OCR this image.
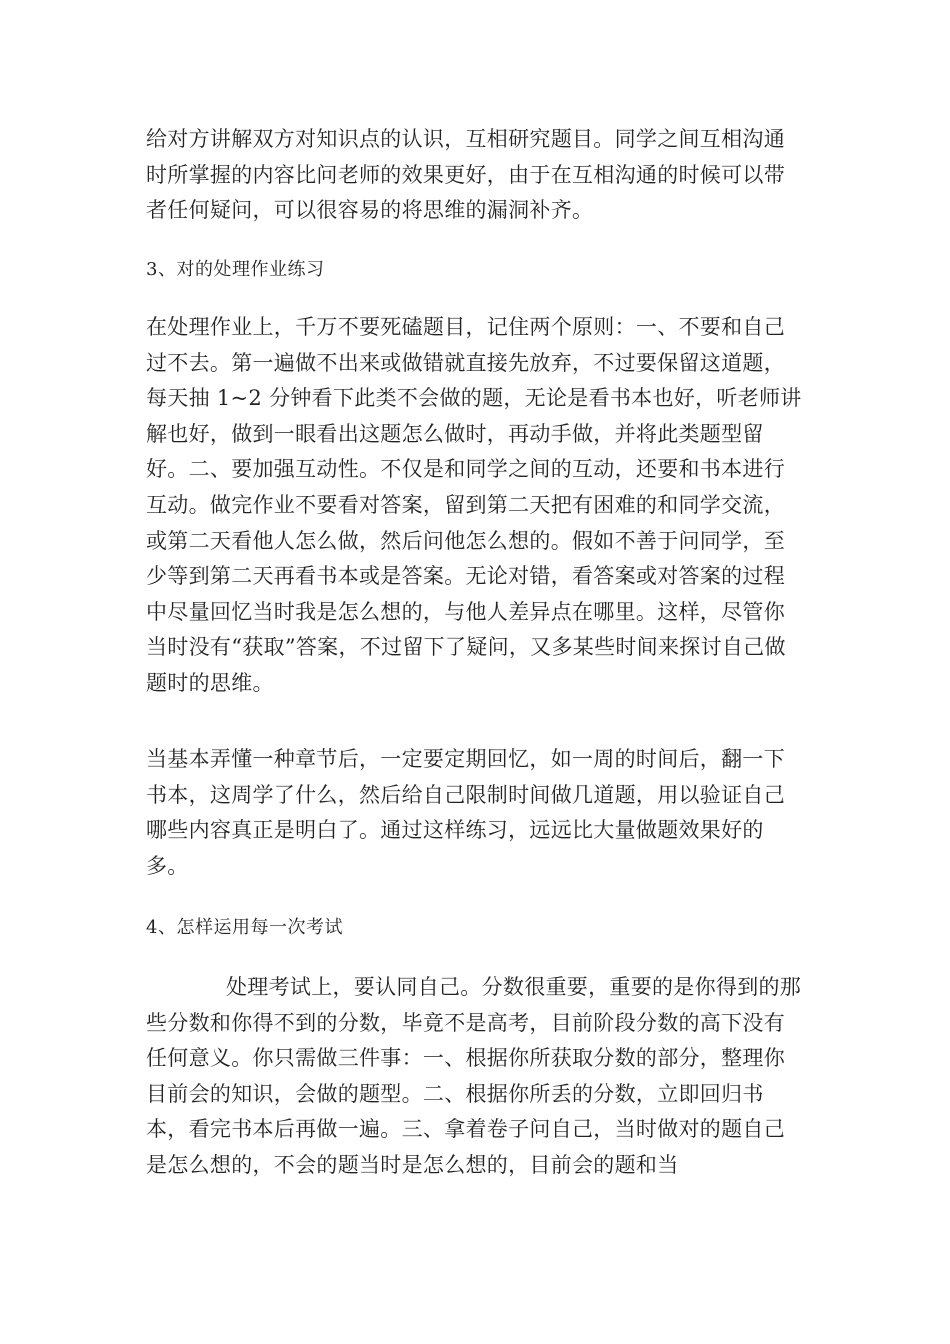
给对方讲解双方对知识点的认识，互相研究题目。同学之间互相沟通时所掌握的内容比问老师的效果更好，由于在互相沟通的时候可以带者任何疑问，可以很容易的将思维的漏洞补齐。

3、对的处理作业练习

在处理作业上，千万不要死磕题目，记住两个原则：一、不要和自己过不去。第一遍做不出来或做错就直接先放弃，不过要保留这道题，每天抽 1~2 分钟看下此类不会做的题，无论是看书本也好，听老师讲解也好，做到一眼看出这题怎么做时，再动手做，并将此类题型留好。二、要加强互动性。不仅是和同学之间的互动，还要和书本进行互动。做完作业不要看对答案，留到第二天把有困难的和同学交流，或第二天看他人怎么做，然后问他怎么想的。假如不善于问同学，至少等到第二天再看书本或是答案。无论对错，看答案或对答案的过程中尽量回忆当时我是怎么想的，与他人差异点在哪里。这样，尽管你当时没有“获取”答案，不过留下了疑问，又多某些时间来探讨自己做题时的思维。

当基本弄懂一种章节后，一定要定期回忆，如一周的时间后，翻一下书本，这周学了什么，然后给自己限制时间做几道题，用以验证自己哪些内容真正是明白了。通过这样练习，远远比大量做题效果好的多。

4、怎样运用每一次考试

处理考试上，要认同自己。分数很重要，重要的是你得到的那些分数和你得不到的分数，毕竟不是高考，目前阶段分数的高下没有任何意义。你只需做三件事：一、根据你所获取分数的部分，整理你目前会的知识，会做的题型。二、根据你所丢的分数，立即回归书本，看完书本后再做一遍。三、拿着卷子问自己，当时做对的题自己是怎么想的，不会的题当时是怎么想的，目前会的题和当
